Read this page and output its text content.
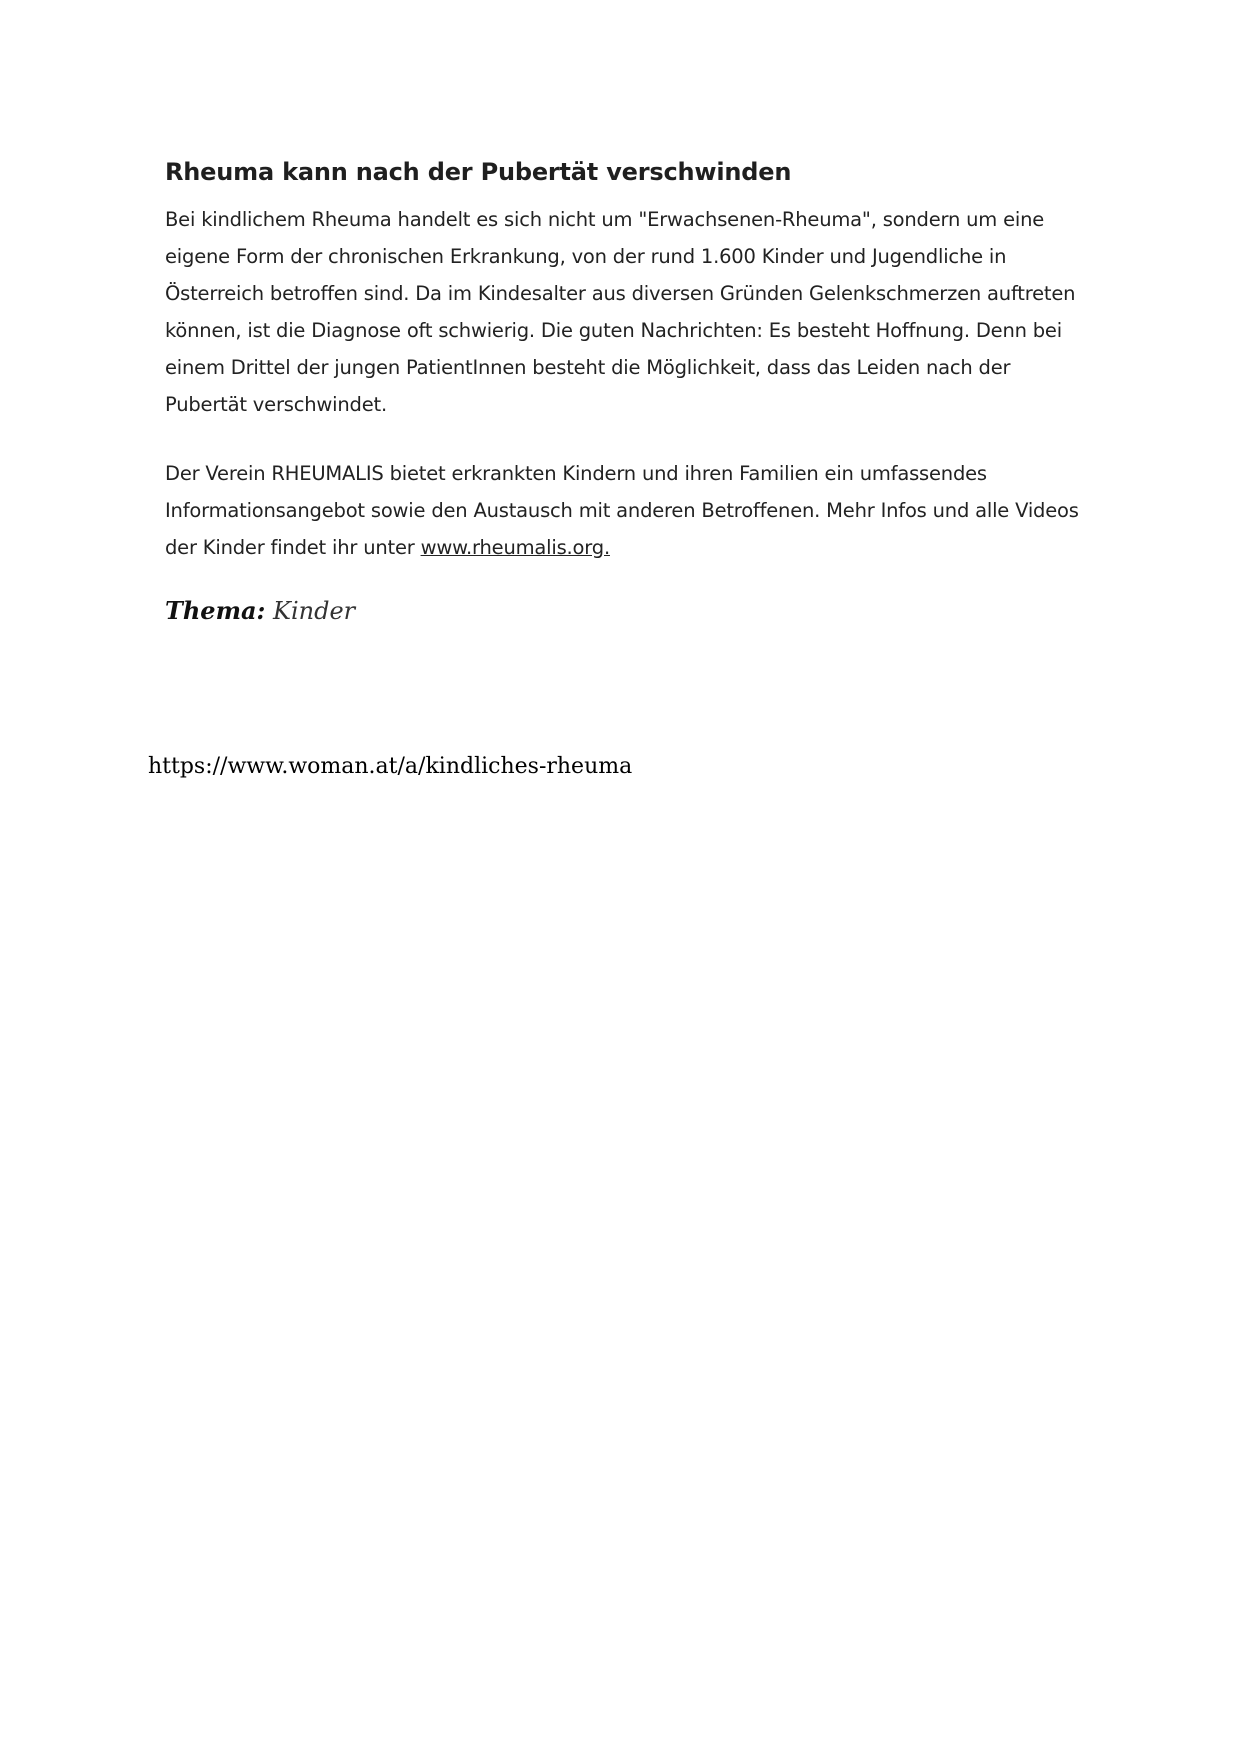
Rheuma kann nach der Pubertät verschwinden

Bei kindlichem Rheuma handelt es sich nicht um "Erwachsenen-Rheuma", sondern um eine eigene Form der chronischen Erkrankung, von der rund 1.600 Kinder und Jugendliche in Österreich betroffen sind. Da im Kindesalter aus diversen Gründen Gelenkschmerzen auftreten können, ist die Diagnose oft schwierig. Die guten Nachrichten: Es besteht Hoffnung. Denn bei einem Drittel der jungen PatientInnen besteht die Möglichkeit, dass das Leiden nach der Pubertät verschwindet.

Der Verein RHEUMALIS bietet erkrankten Kindern und ihren Familien ein umfassendes Informationsangebot sowie den Austausch mit anderen Betroffenen. Mehr Infos und alle Videos der Kinder findet ihr unter www.rheumalis.org.

Thema: Kinder
https://www.woman.at/a/kindliches-rheuma
